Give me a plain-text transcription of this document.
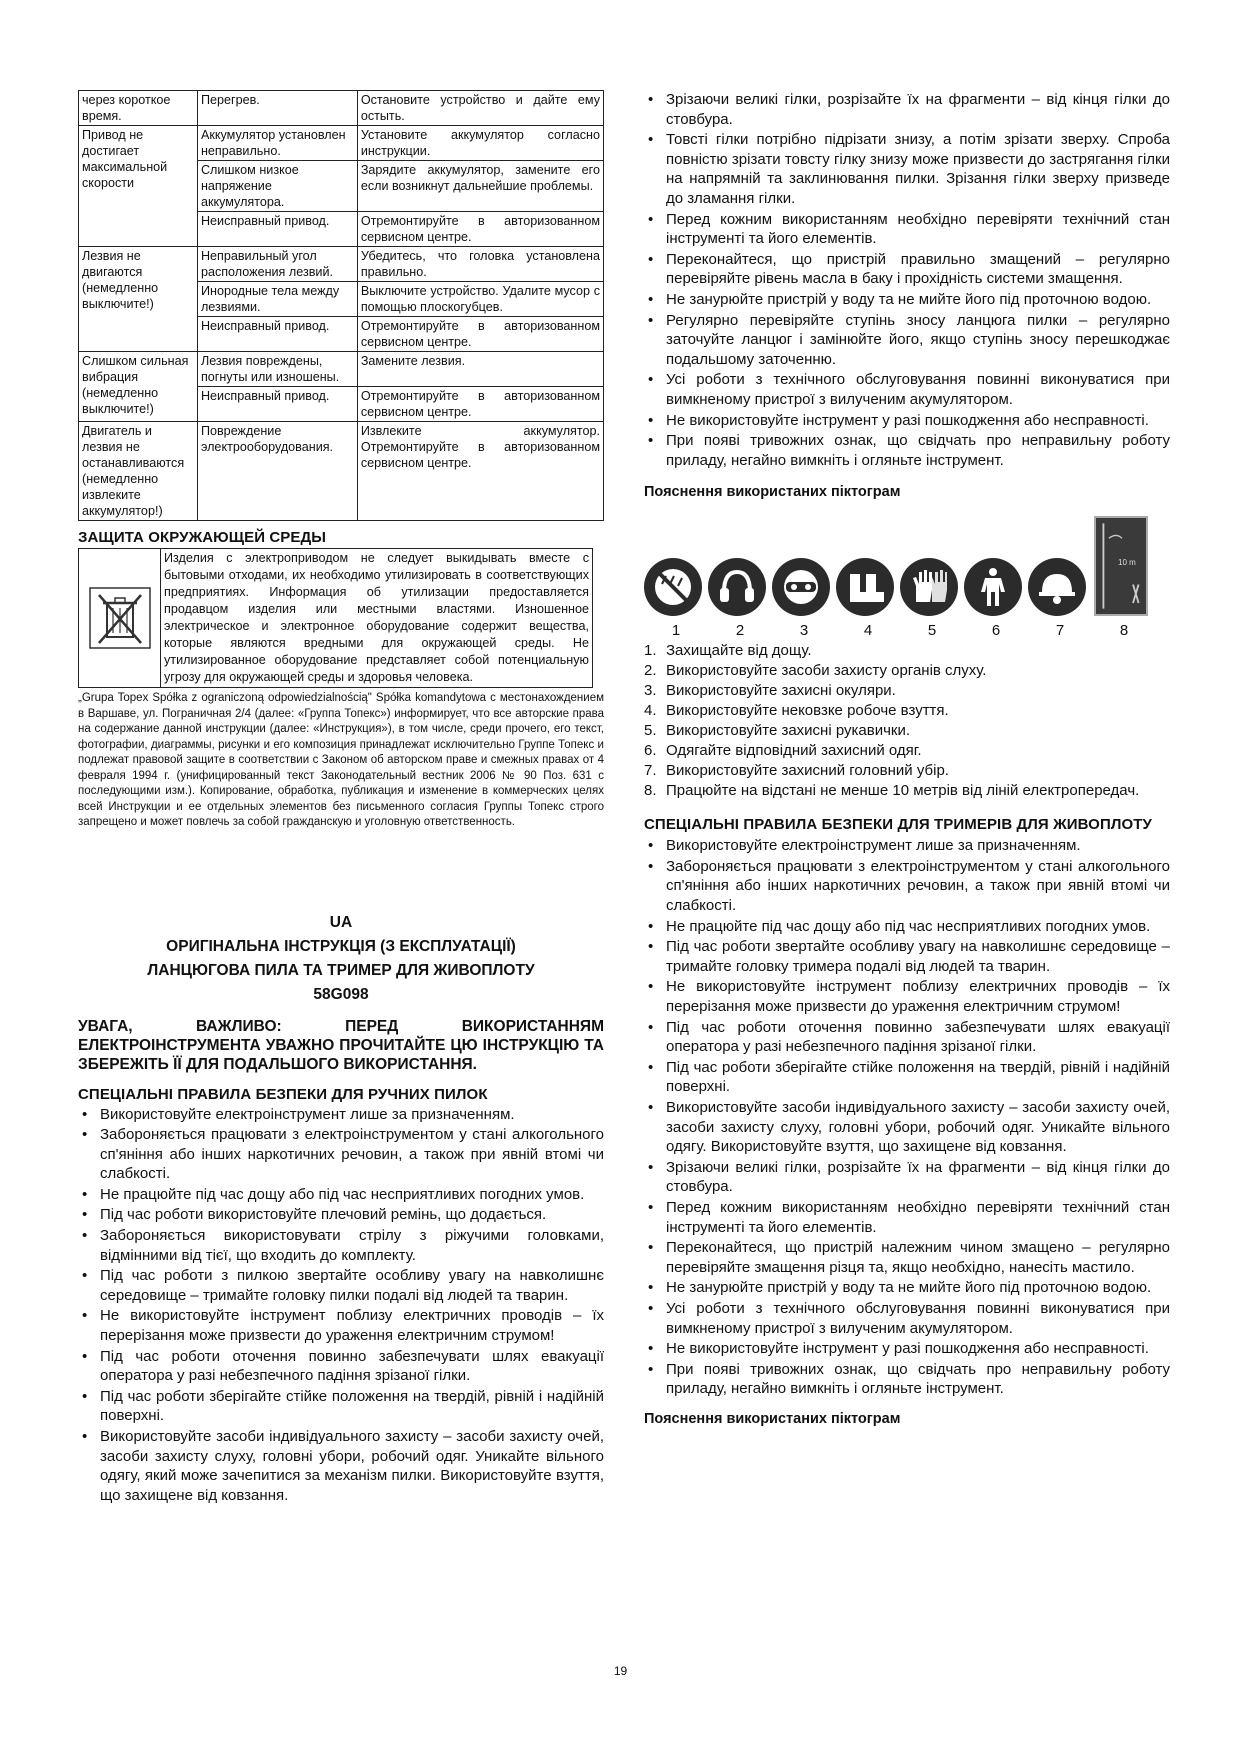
через короткое время.	Перегрев.	Остановите устройство и дайте ему остыть.
Привод не достигает максимальной скорости	Аккумулятор установлен неправильно.	Установите аккумулятор согласно инструкции.
	Слишком низкое напряжение аккумулятора.	Зарядите аккумулятор, замените его если возникнут дальнейшие проблемы.
	Неисправный привод.	Отремонтируйте в авторизованном сервисном центре.
Лезвия не двигаются (немедленно выключите!)	Неправильный угол расположения лезвий.	Убедитесь, что головка установлена правильно.
	Инородные тела между лезвиями.	Выключите устройство. Удалите мусор с помощью плоскогубцев.
	Неисправный привод.	Отремонтируйте в авторизованном сервисном центре.
Слишком сильная вибрация (немедленно выключите!)	Лезвия повреждены, погнуты или изношены.	Замените лезвия.
	Неисправный привод.	Отремонтируйте в авторизованном сервисном центре.
Двигатель и лезвия не останавливаются (немедленно извлеките аккумулятор!)	Повреждение электрооборудования.	Извлеките аккумулятор. Отремонтируйте в авторизованном сервисном центре.
ЗАЩИТА ОКРУЖАЮЩЕЙ СРЕДЫ
Изделия с электроприводом не следует выкидывать вместе с бытовыми отходами, их необходимо утилизировать в соответствующих предприятиях. Информация об утилизации предоставляется продавцом изделия или местными властями. Изношенное электрическое и электронное оборудование содержит вещества, которые являются вредными для окружающей среды. Не утилизированное оборудование представляет собой потенциальную угрозу для окружающей среды и здоровья человека.

„Grupa Topex Spółka z ograniczoną odpowiedzialnością" Spółka komandytowa с местонахождением в Варшаве, ул. Пограничная 2/4 (далее: «Группа Топекс») информирует, что все авторские права на содержание данной инструкции (далее: «Инструкция»), в том числе, среди прочего, его текст, фотографии, диаграммы, рисунки и его композиция принадлежат исключительно Группе Топекс и подлежат правовой защите в соответствии с Законом об авторском праве и смежных правах от 4 февраля 1994 г. (унифицированный текст Законодательный вестник 2006 № 90 Поз. 631 с последующими изм.). Копирование, обработка, публикация и изменение в коммерческих целях всей Инструкции и ее отдельных элементов без письменного согласия Группы Топекс строго запрещено и может повлечь за собой гражданскую и уголовную ответственность.

UA
ОРИГІНАЛЬНА ІНСТРУКЦІЯ (З ЕКСПЛУАТАЦІЇ)
ЛАНЦЮГОВА ПИЛА ТА ТРИМЕР ДЛЯ ЖИВОПЛОТУ
58G098

УВАГА, ВАЖЛИВО: ПЕРЕД ВИКОРИСТАННЯМ ЕЛЕКТРОІНСТРУМЕНТА УВАЖНО ПРОЧИТАЙТЕ ЦЮ ІНСТРУКЦІЮ ТА ЗБЕРЕЖІТЬ ЇЇ ДЛЯ ПОДАЛЬШОГО ВИКОРИСТАННЯ.

СПЕЦІАЛЬНІ ПРАВИЛА БЕЗПЕКИ ДЛЯ РУЧНИХ ПИЛОК
• Використовуйте електроінструмент лише за призначенням.
• Забороняється працювати з електроінструментом у стані алкогольного сп'яніння або інших наркотичних речовин, а також при явній втомі чи слабкості.
• Не працюйте під час дощу або під час несприятливих погодних умов.
• Під час роботи використовуйте плечовий ремінь, що додається.
• Забороняється використовувати стрілу з ріжучими головками, відмінними від тієї, що входить до комплекту.
• Під час роботи з пилкою звертайте особливу увагу на навколишнє середовище – тримайте головку пилки подалі від людей та тварин.
• Не використовуйте інструмент поблизу електричних проводів – їх перерізання може призвести до ураження електричним струмом!
• Під час роботи оточення повинно забезпечувати шлях евакуації оператора у разі небезпечного падіння зрізаної гілки.
• Під час роботи зберігайте стійке положення на твердій, рівній і надійній поверхні.
• Використовуйте засоби індивідуального захисту – засоби захисту очей, засоби захисту слуху, головні убори, робочий одяг. Уникайте вільного одягу, який може зачепитися за механізм пилки. Використовуйте взуття, що захищене від ковзання.
• Зрізаючи великі гілки, розрізайте їх на фрагменти – від кінця гілки до стовбура.
• Товсті гілки потрібно підрізати знизу, а потім зрізати зверху. Спроба повністю зрізати товсту гілку знизу може призвести до застрягання гілки на напрямній та заклинювання пилки. Зрізання гілки зверху призведе до зламання гілки.
• Перед кожним використанням необхідно перевіряти технічний стан інструменті та його елементів.
• Переконайтеся, що пристрій правильно змащений – регулярно перевіряйте рівень масла в баку і прохідність системи змащення.
• Не занурюйте пристрій у воду та не мийте його під проточною водою.
• Регулярно перевіряйте ступінь зносу ланцюга пилки – регулярно заточуйте ланцюг і замінюйте його, якщо ступінь зносу перешкоджає подальшому заточенню.
• Усі роботи з технічного обслуговування повинні виконуватися при вимкненому пристрої з вилученим акумулятором.
• Не використовуйте інструмент у разі пошкодження або несправності.
• При появі тривожних ознак, що свідчать про неправильну роботу приладу, негайно вимкніть і огляньте інструмент.
Пояснення використаних піктограм
10 m
1	2	3	4	5	6	7	8
1. Захищайте від дощу.
2. Використовуйте засоби захисту органів слуху.
3. Використовуйте захисні окуляри.
4. Використовуйте нековзке робоче взуття.
5. Використовуйте захисні рукавички.
6. Одягайте відповідний захисний одяг.
7. Використовуйте захисний головний убір.
8. Працюйте на відстані не менше 10 метрів від ліній електропередач.
СПЕЦІАЛЬНІ ПРАВИЛА БЕЗПЕКИ ДЛЯ ТРИМЕРІВ ДЛЯ ЖИВОПЛОТУ
• Використовуйте електроінструмент лише за призначенням.
• Забороняється працювати з електроінструментом у стані алкогольного сп'яніння або інших наркотичних речовин, а також при явній втомі чи слабкості.
• Не працюйте під час дощу або під час несприятливих погодних умов.
• Під час роботи звертайте особливу увагу на навколишнє середовище – тримайте головку тримера подалі від людей та тварин.
• Не використовуйте інструмент поблизу електричних проводів – їх перерізання може призвести до ураження електричним струмом!
• Під час роботи оточення повинно забезпечувати шлях евакуації оператора у разі небезпечного падіння зрізаної гілки.
• Під час роботи зберігайте стійке положення на твердій, рівній і надійній поверхні.
• Використовуйте засоби індивідуального захисту – засоби захисту очей, засоби захисту слуху, головні убори, робочий одяг. Уникайте вільного одягу. Використовуйте взуття, що захищене від ковзання.
• Зрізаючи великі гілки, розрізайте їх на фрагменти – від кінця гілки до стовбура.
• Перед кожним використанням необхідно перевіряти технічний стан інструменті та його елементів.
• Переконайтеся, що пристрій належним чином змащено – регулярно перевіряйте змащення різця та, якщо необхідно, нанесіть мастило.
• Не занурюйте пристрій у воду та не мийте його під проточною водою.
• Усі роботи з технічного обслуговування повинні виконуватися при вимкненому пристрої з вилученим акумулятором.
• Не використовуйте інструмент у разі пошкодження або несправності.
• При появі тривожних ознак, що свідчать про неправильну роботу приладу, негайно вимкніть і огляньте інструмент.
Пояснення використаних піктограм
19
